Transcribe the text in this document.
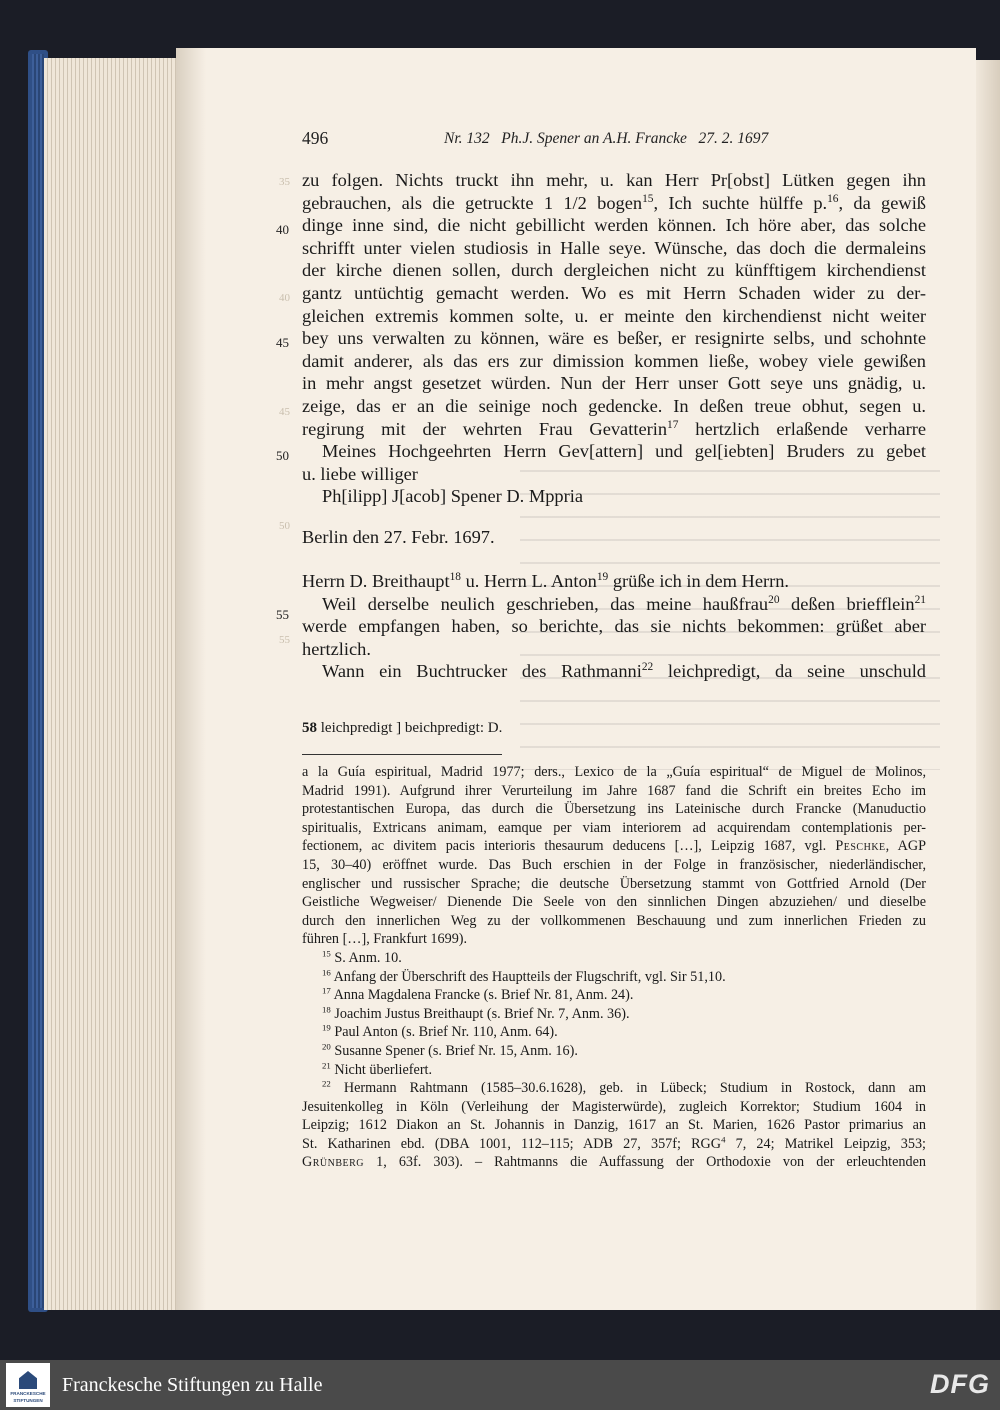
35
40
45
50
55
496	Nr. 132   Ph.J. Spener an A.H. Francke   27. 2. 1697
40
45
50
55
zu folgen. Nichts truckt ihn mehr, u. kan Herr Pr[obst] Lütken gegen ihn
gebrauchen, als die getruckte 1 1/2 bogen$^{15}$, Ich suchte hülffe p.$^{16}$, da gewiß
dinge inne sind, die nicht gebillicht werden können. Ich höre aber, das solche
schrifft unter vielen studiosis in Halle seye. Wünsche, das doch die dermaleins
der kirche dienen sollen, durch dergleichen nicht zu künfftigem kirchendienst
gantz untüchtig gemacht werden. Wo es mit Herrn Schaden wider zu der-
gleichen extremis kommen solte, u. er meinte den kirchendienst nicht weiter
bey uns verwalten zu können, wäre es beßer, er resignirte selbs, und schohnte
damit anderer, als das ers zur dimission kommen ließe, wobey viele gewißen
in mehr angst gesetzet würden. Nun der Herr unser Gott seye uns gnädig, u.
zeige, das er an die seinige noch gedencke. In deßen treue obhut, segen u.
regirung mit der wehrten Frau Gevatterin$^{17}$ hertzlich erlaßende verharre
Meines Hochgeehrten Herrn Gev[attern] und gel[iebten] Bruders zu gebet
u. liebe williger
Ph[ilipp] J[acob] Spener D. Mppria
Berlin den 27. Febr. 1697.
Herrn D. Breithaupt$^{18}$ u. Herrn L. Anton$^{19}$ grüße ich in dem Herrn.
Weil derselbe neulich geschrieben, das meine haußfrau$^{20}$ deßen briefflein$^{21}$
werde empfangen haben, so berichte, das sie nichts bekommen: grüßet aber
hertzlich.
Wann ein Buchtrucker des Rathmanni$^{22}$ leichpredigt, da seine unschuld
58 leichpredigt ] beichpredigt: D.
a la Guía espiritual, Madrid 1977; ders., Lexico de la „Guía espiritual“ de Miguel de Molinos,
Madrid 1991). Aufgrund ihrer Verurteilung im Jahre 1687 fand die Schrift ein breites Echo im
protestantischen Europa, das durch die Übersetzung ins Lateinische durch Francke (Manuductio
spiritualis, Extricans animam, eamque per viam interiorem ad acquirendam contemplationis per-
fectionem, ac divitem pacis interioris thesaurum deducens […], Leipzig 1687, vgl. Peschke, AGP
15, 30–40) eröffnet wurde. Das Buch erschien in der Folge in französischer, niederländischer,
englischer und russischer Sprache; die deutsche Übersetzung stammt von Gottfried Arnold (Der
Geistliche Wegweiser/ Dienende Die Seele von den sinnlichen Dingen abzuziehen/ und dieselbe
durch den innerlichen Weg zu der vollkommenen Beschauung und zum innerlichen Frieden zu
führen […], Frankfurt 1699).
$^{15}$ S. Anm. 10.
$^{16}$ Anfang der Überschrift des Hauptteils der Flugschrift, vgl. Sir 51,10.
$^{17}$ Anna Magdalena Francke (s. Brief Nr. 81, Anm. 24).
$^{18}$ Joachim Justus Breithaupt (s. Brief Nr. 7, Anm. 36).
$^{19}$ Paul Anton (s. Brief Nr. 110, Anm. 64).
$^{20}$ Susanne Spener (s. Brief Nr. 15, Anm. 16).
$^{21}$ Nicht überliefert.
$^{22}$ Hermann Rahtmann (1585–30.6.1628), geb. in Lübeck; Studium in Rostock, dann am
Jesuitenkolleg in Köln (Verleihung der Magisterwürde), zugleich Korrektor; Studium 1604 in
Leipzig; 1612 Diakon an St. Johannis in Danzig, 1617 an St. Marien, 1626 Pastor primarius an
St. Katharinen ebd. (DBA 1001, 112–115; ADB 27, 357f; RGG$^4$ 7, 24; Matrikel Leipzig, 353;
Grünberg 1, 63f. 303). – Rahtmanns die Auffassung der Orthodoxie von der erleuchtenden
FRANCKESCHE
STIFTUNGEN
Franckesche Stiftungen zu Halle	DFG
